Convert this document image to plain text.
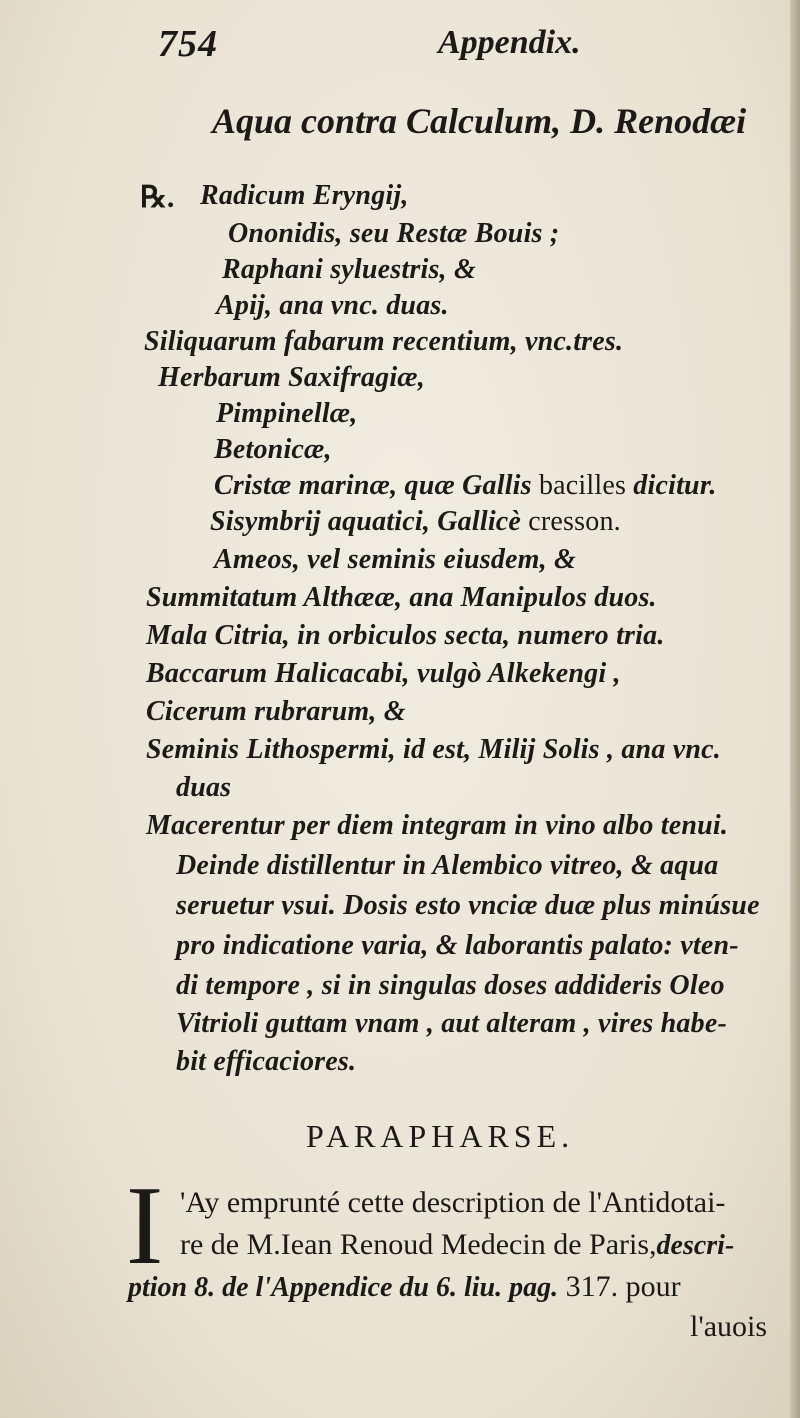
754	Appendix.
Aqua contra Calculum, D. Renodæi
℞. Radicum Eryngij,
Ononidis, seu Restæ Bouis ;
Raphani syluestris, &
Apij, ana vnc. duas.
Siliquarum fabarum recentium, vnc.tres.
Herbarum Saxifragiæ,
Pimpinellæ,
Betonicæ,
Cristæ marinæ, quæ Gallis bacilles dicitur.
Sisymbrij aquatici, Gallicè cresson.
Ameos, vel seminis eiusdem, &
Summitatum Althææ, ana Manipulos duos.
Mala Citria, in orbiculos secta, numero tria.
Baccarum Halicacabi, vulgò Alkekengi ,
Cicerum rubrarum, &
Seminis Lithospermi, id est, Milij Solis , ana vnc.
duas
Macerentur per diem integram in vino albo tenui.
Deinde distillentur in Alembico vitreo, & aqua
seruetur vsui. Dosis esto vnciæ duæ plus minúsue
pro indicatione varia, & laborantis palato: vten-
di tempore , si in singulas doses addideris Oleo
Vitrioli guttam vnam , aut alteram , vires habe-
bit efficaciores.
PARAPHARSE.
I 'Ay emprunté cette description de l'Antidotai-
re de M.Iean Renoud Medecin de Paris,descri-
ption 8. de l'Appendice du 6. liu. pag. 317. pour
l'auois
